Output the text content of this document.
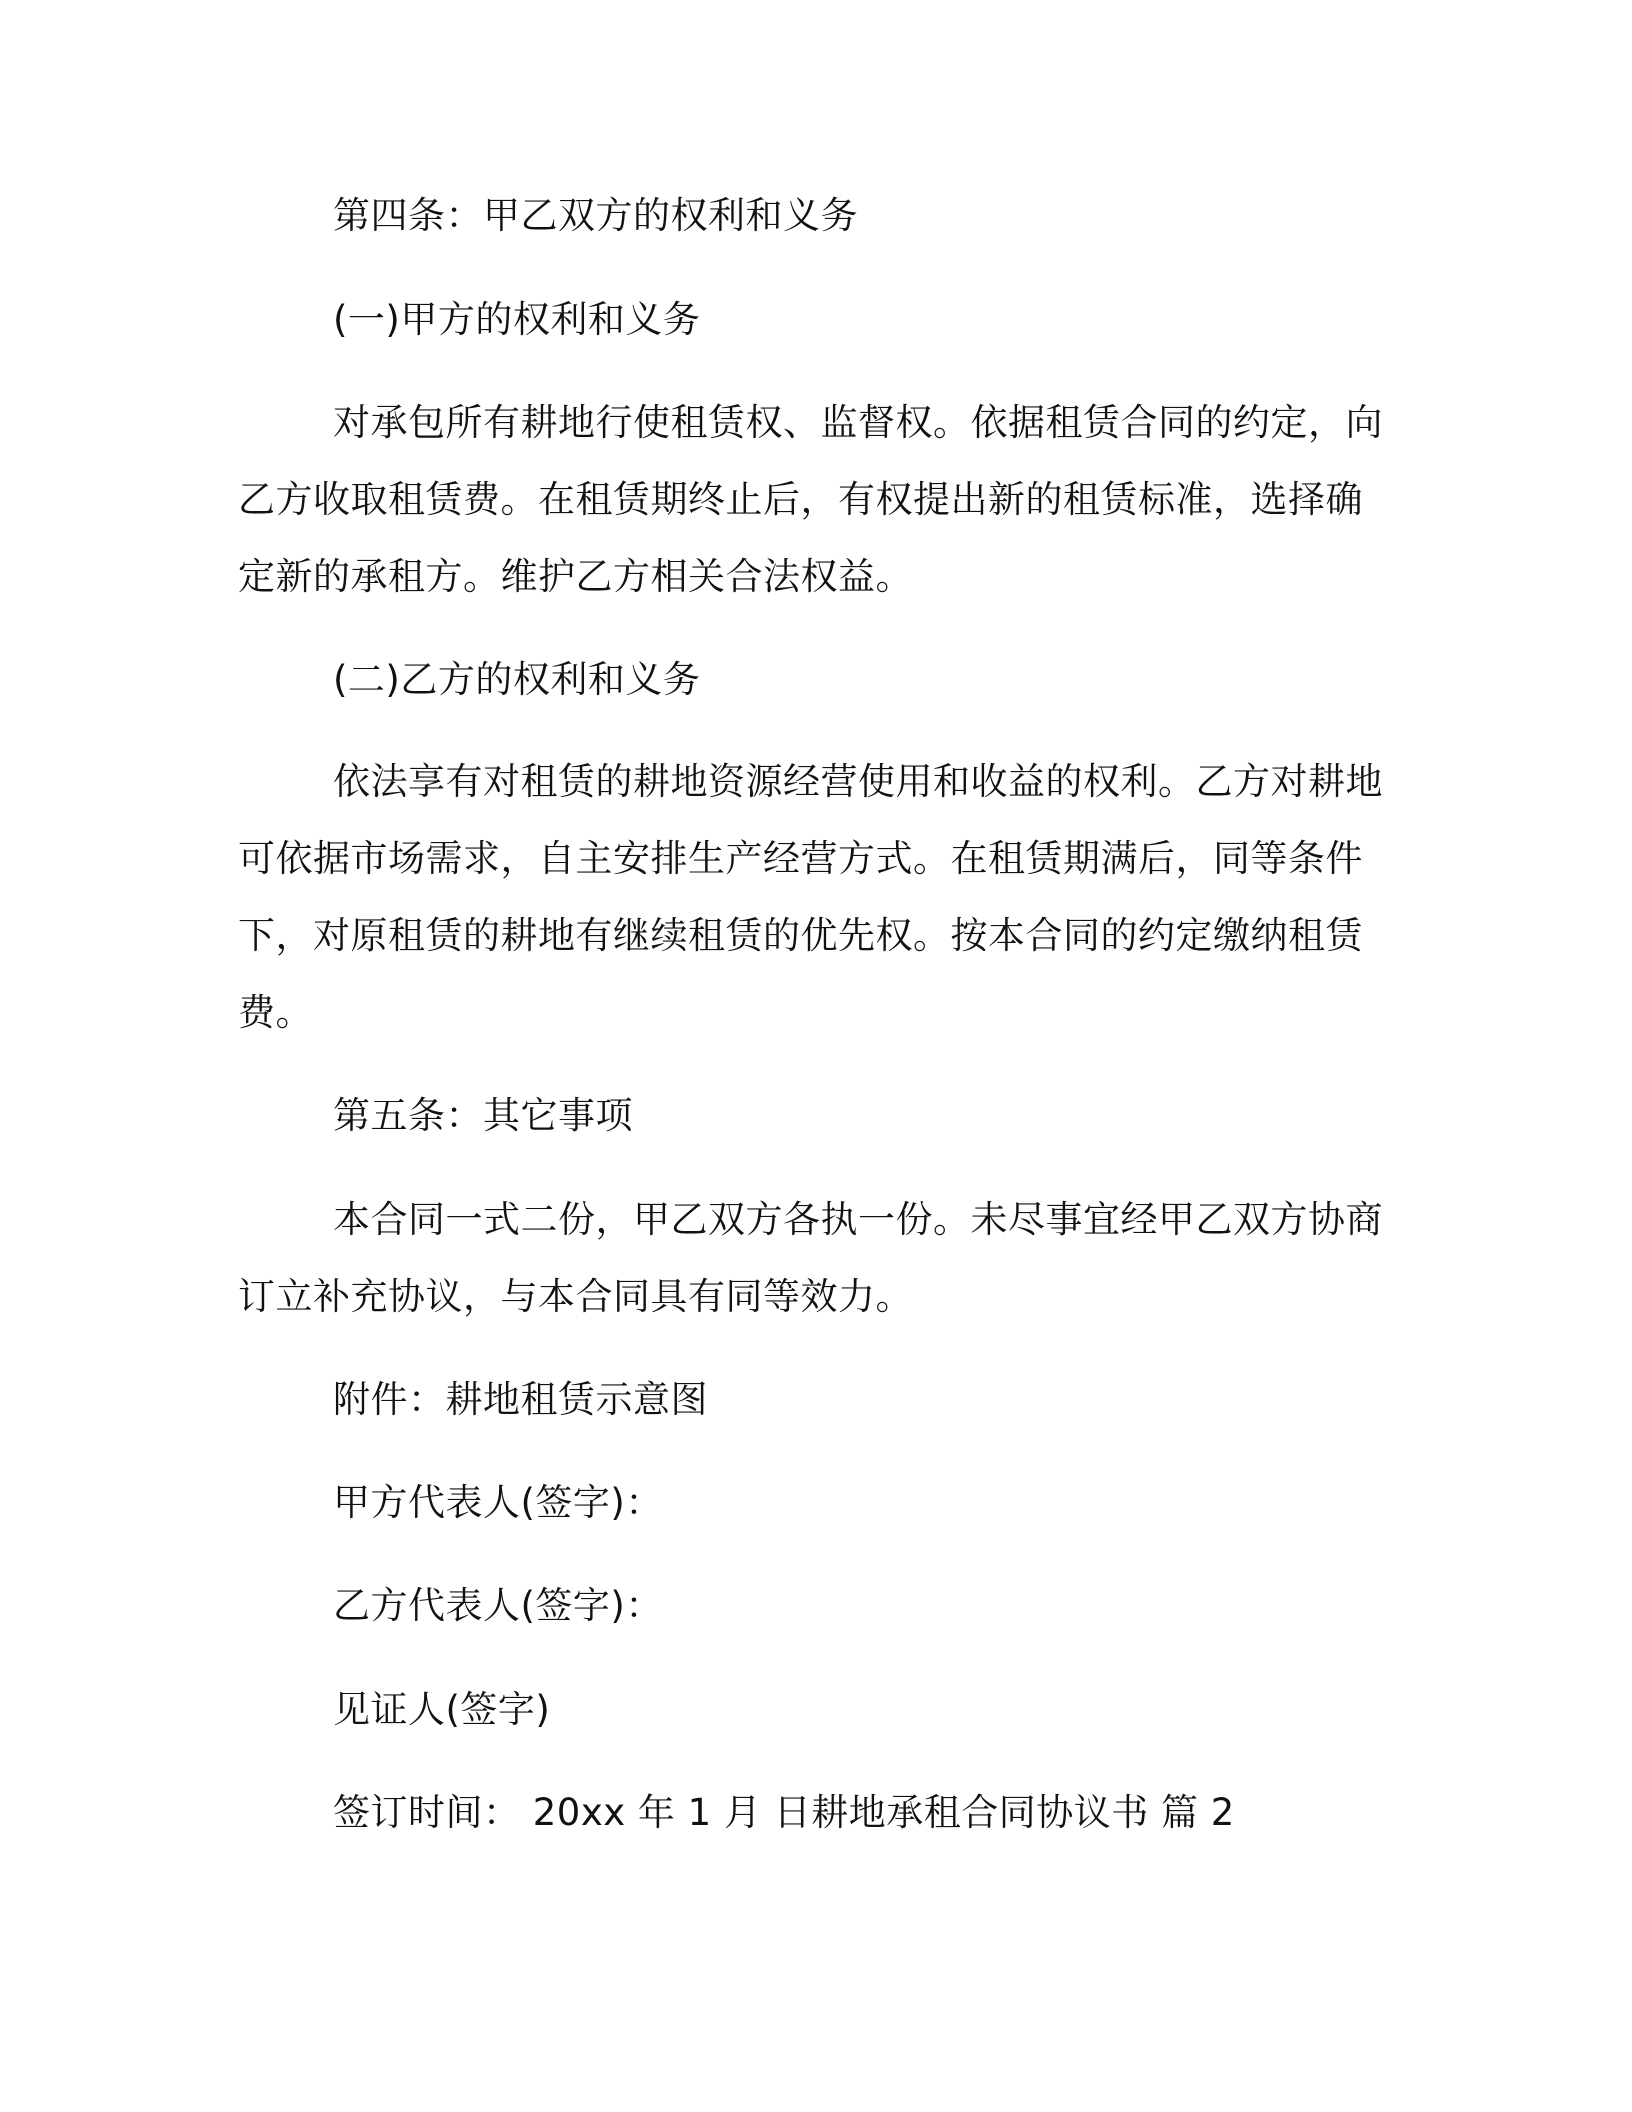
第四条：甲乙双方的权利和义务
(一)甲方的权利和义务
对承包所有耕地行使租赁权、监督权。依据租赁合同的约定，向
乙方收取租赁费。在租赁期终止后，有权提出新的租赁标准，选择确
定新的承租方。维护乙方相关合法权益。
(二)乙方的权利和义务
依法享有对租赁的耕地资源经营使用和收益的权利。乙方对耕地
可依据市场需求，自主安排生产经营方式。在租赁期满后，同等条件
下，对原租赁的耕地有继续租赁的优先权。按本合同的约定缴纳租赁
费。
第五条：其它事项
本合同一式二份，甲乙双方各执一份。未尽事宜经甲乙双方协商
订立补充协议，与本合同具有同等效力。
附件：耕地租赁示意图
甲方代表人(签字)：
乙方代表人(签字)：
见证人(签字)
签订时间： 20xx 年 1 月 日耕地承租合同协议书 篇 2
